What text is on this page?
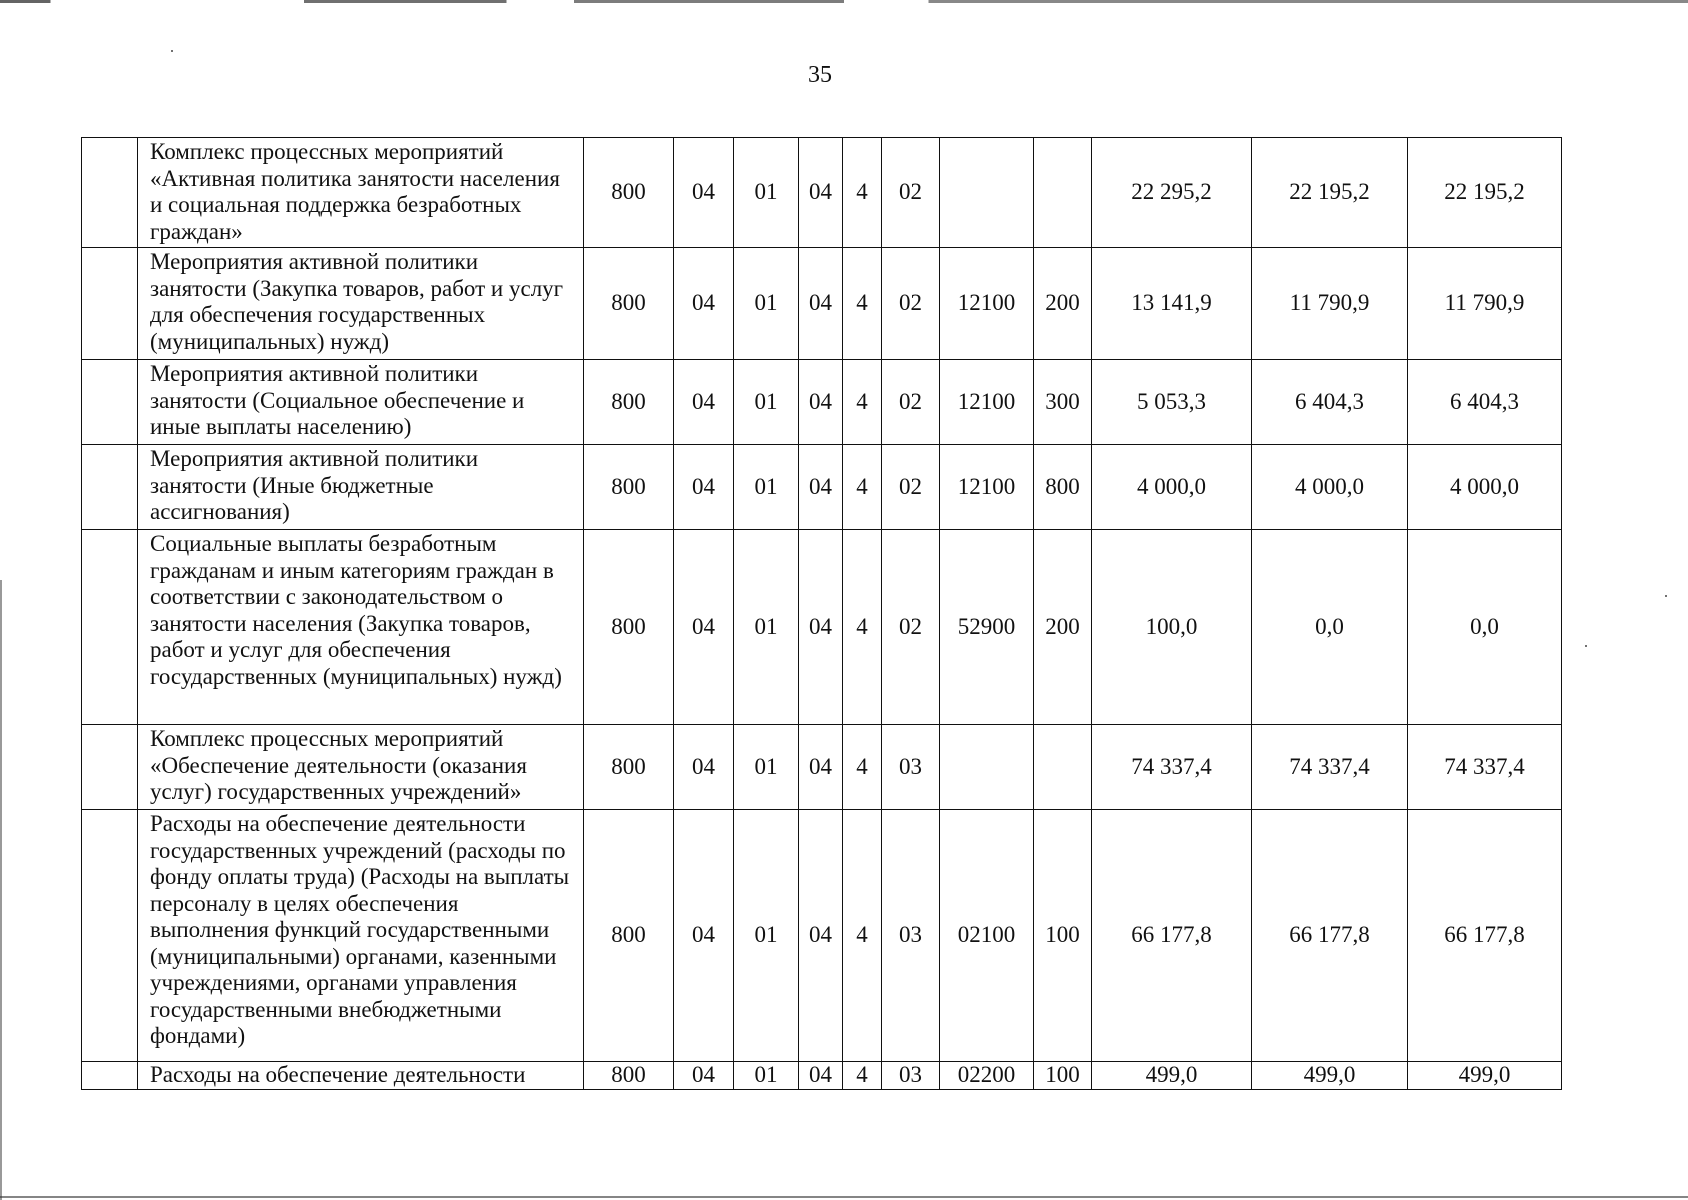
35
	Комплекс процессных мероприятий «Активная политика занятости населения и социальная поддержка безработных граждан»	800	04	01	04	4	02			22 295,2	22 195,2	22 195,2
	Мероприятия активной политики занятости (Закупка товаров, работ и услуг для обеспечения государственных (муниципальных) нужд)	800	04	01	04	4	02	12100	200	13 141,9	11 790,9	11 790,9
	Мероприятия активной политики занятости (Социальное обеспечение и иные выплаты населению)	800	04	01	04	4	02	12100	300	5 053,3	6 404,3	6 404,3
	Мероприятия активной политики занятости (Иные бюджетные ассигнования)	800	04	01	04	4	02	12100	800	4 000,0	4 000,0	4 000,0
	Социальные выплаты безработным гражданам и иным категориям граждан в соответствии с законодательством о занятости населения (Закупка товаров, работ и услуг для обеспечения государственных (муниципальных) нужд)	800	04	01	04	4	02	52900	200	100,0	0,0	0,0
	Комплекс процессных мероприятий «Обеспечение деятельности (оказания услуг) государственных учреждений»	800	04	01	04	4	03			74 337,4	74 337,4	74 337,4
	Расходы на обеспечение деятельности государственных учреждений (расходы по фонду оплаты труда) (Расходы на выплаты персоналу в целях обеспечения выполнения функций государственными (муниципальными) органами, казенными учреждениями, органами управления государственными внебюджетными фондами)	800	04	01	04	4	03	02100	100	66 177,8	66 177,8	66 177,8
	Расходы на обеспечение деятельности	800	04	01	04	4	03	02200	100	499,0	499,0	499,0
